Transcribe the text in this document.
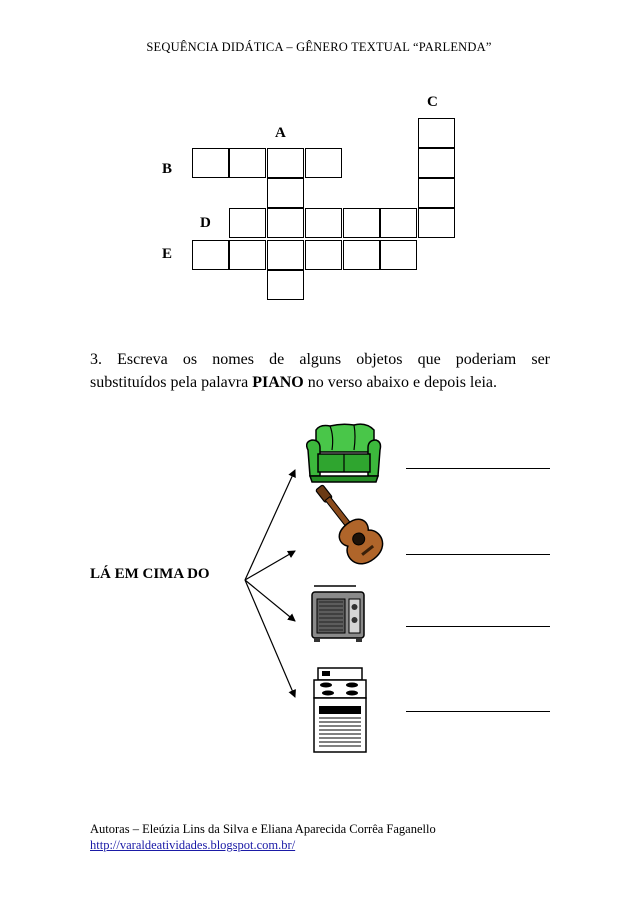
SEQUÊNCIA DIDÁTICA – GÊNERO TEXTUAL “PARLENDA”
C
A
B
D
E
3. Escreva os nomes de alguns objetos que poderiam ser
substituídos pela palavra PIANO no verso abaixo e depois leia.
LÁ EM CIMA DO
Autoras – Eleúzia Lins da Silva e Eliana Aparecida Corrêa Faganello
http://varaldeatividades.blogspot.com.br/
